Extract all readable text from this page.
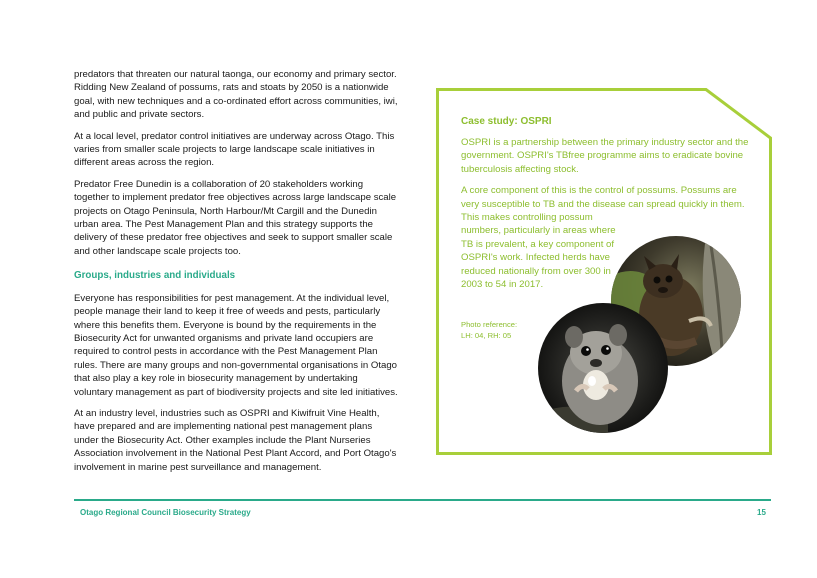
predators that threaten our natural taonga, our economy and primary sector. Ridding New Zealand of possums, rats and stoats by 2050 is a nationwide goal, with new techniques and a co-ordinated effort across communities, iwi, and public and private sectors.

At a local level, predator control initiatives are underway across Otago. This varies from smaller scale projects to large landscape scale initiatives in different areas across the region.

Predator Free Dunedin is a collaboration of 20 stakeholders working together to implement predator free objectives across large landscape scale projects on Otago Peninsula, North Harbour/Mt Cargill and the Dunedin urban area. The Pest Management Plan and this strategy supports the delivery of these predator free objectives and seek to support smaller scale and other landscape scale projects too.

Groups, industries and individuals

Everyone has responsibilities for pest management. At the individual level, people manage their land to keep it free of weeds and pests, particularly where this benefits them. Everyone is bound by the requirements in the Biosecurity Act for unwanted organisms and private land occupiers are required to control pests in accordance with the Pest Management Plan rules. There are many groups and non-governmental organisations in Otago that also play a key role in biosecurity management by undertaking voluntary management as part of biodiversity projects and site led initiatives.

At an industry level, industries such as OSPRI and Kiwifruit Vine Health, have prepared and are implementing national pest management plans under the Biosecurity Act. Other examples include the Plant Nurseries Association involvement in the National Pest Plant Accord, and Port Otago's involvement in marine pest surveillance and management.

Case study: OSPRI

OSPRI is a partnership between the primary industry sector and the government. OSPRI's TBfree programme aims to eradicate bovine tuberculosis affecting stock.

A core component of this is the control of possums. Possums are very susceptible to TB and the disease can spread quickly in them. This makes controlling possum
numbers, particularly in areas where TB is prevalent, a key component of OSPRI's work. Infected herds have reduced nationally from over 300 in 2003 to 54 in 2017.
Photo reference:
LH: 04, RH: 05
Otago Regional Council Biosecurity Strategy	15
